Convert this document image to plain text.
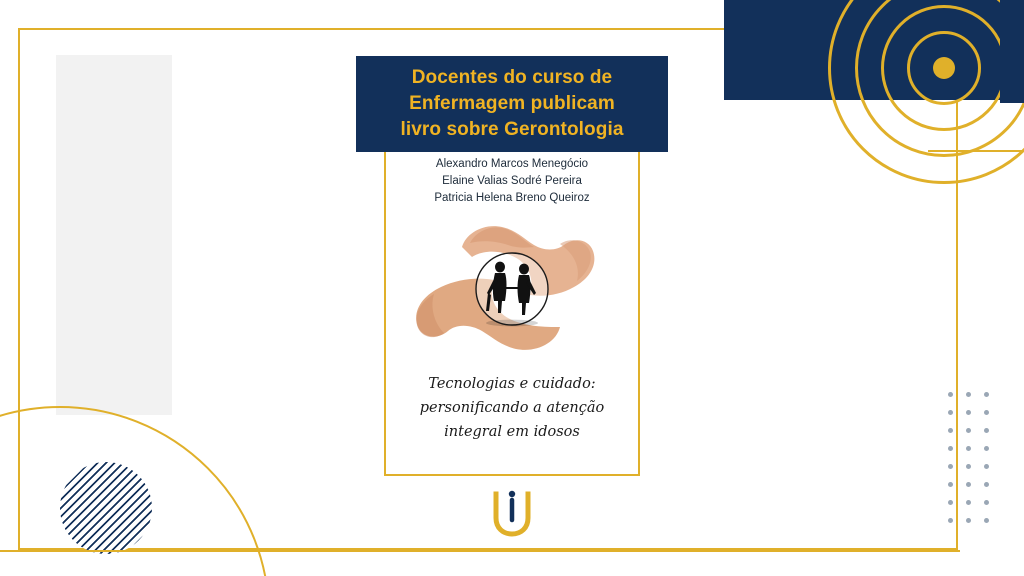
Docentes do curso de
Enfermagem publicam
livro sobre Gerontologia
Alexandro Marcos Menegócio
Elaine Valias Sodré Pereira
Patricia Helena Breno Queiroz
Tecnologias e cuidado:
personificando a atenção
integral em idosos
